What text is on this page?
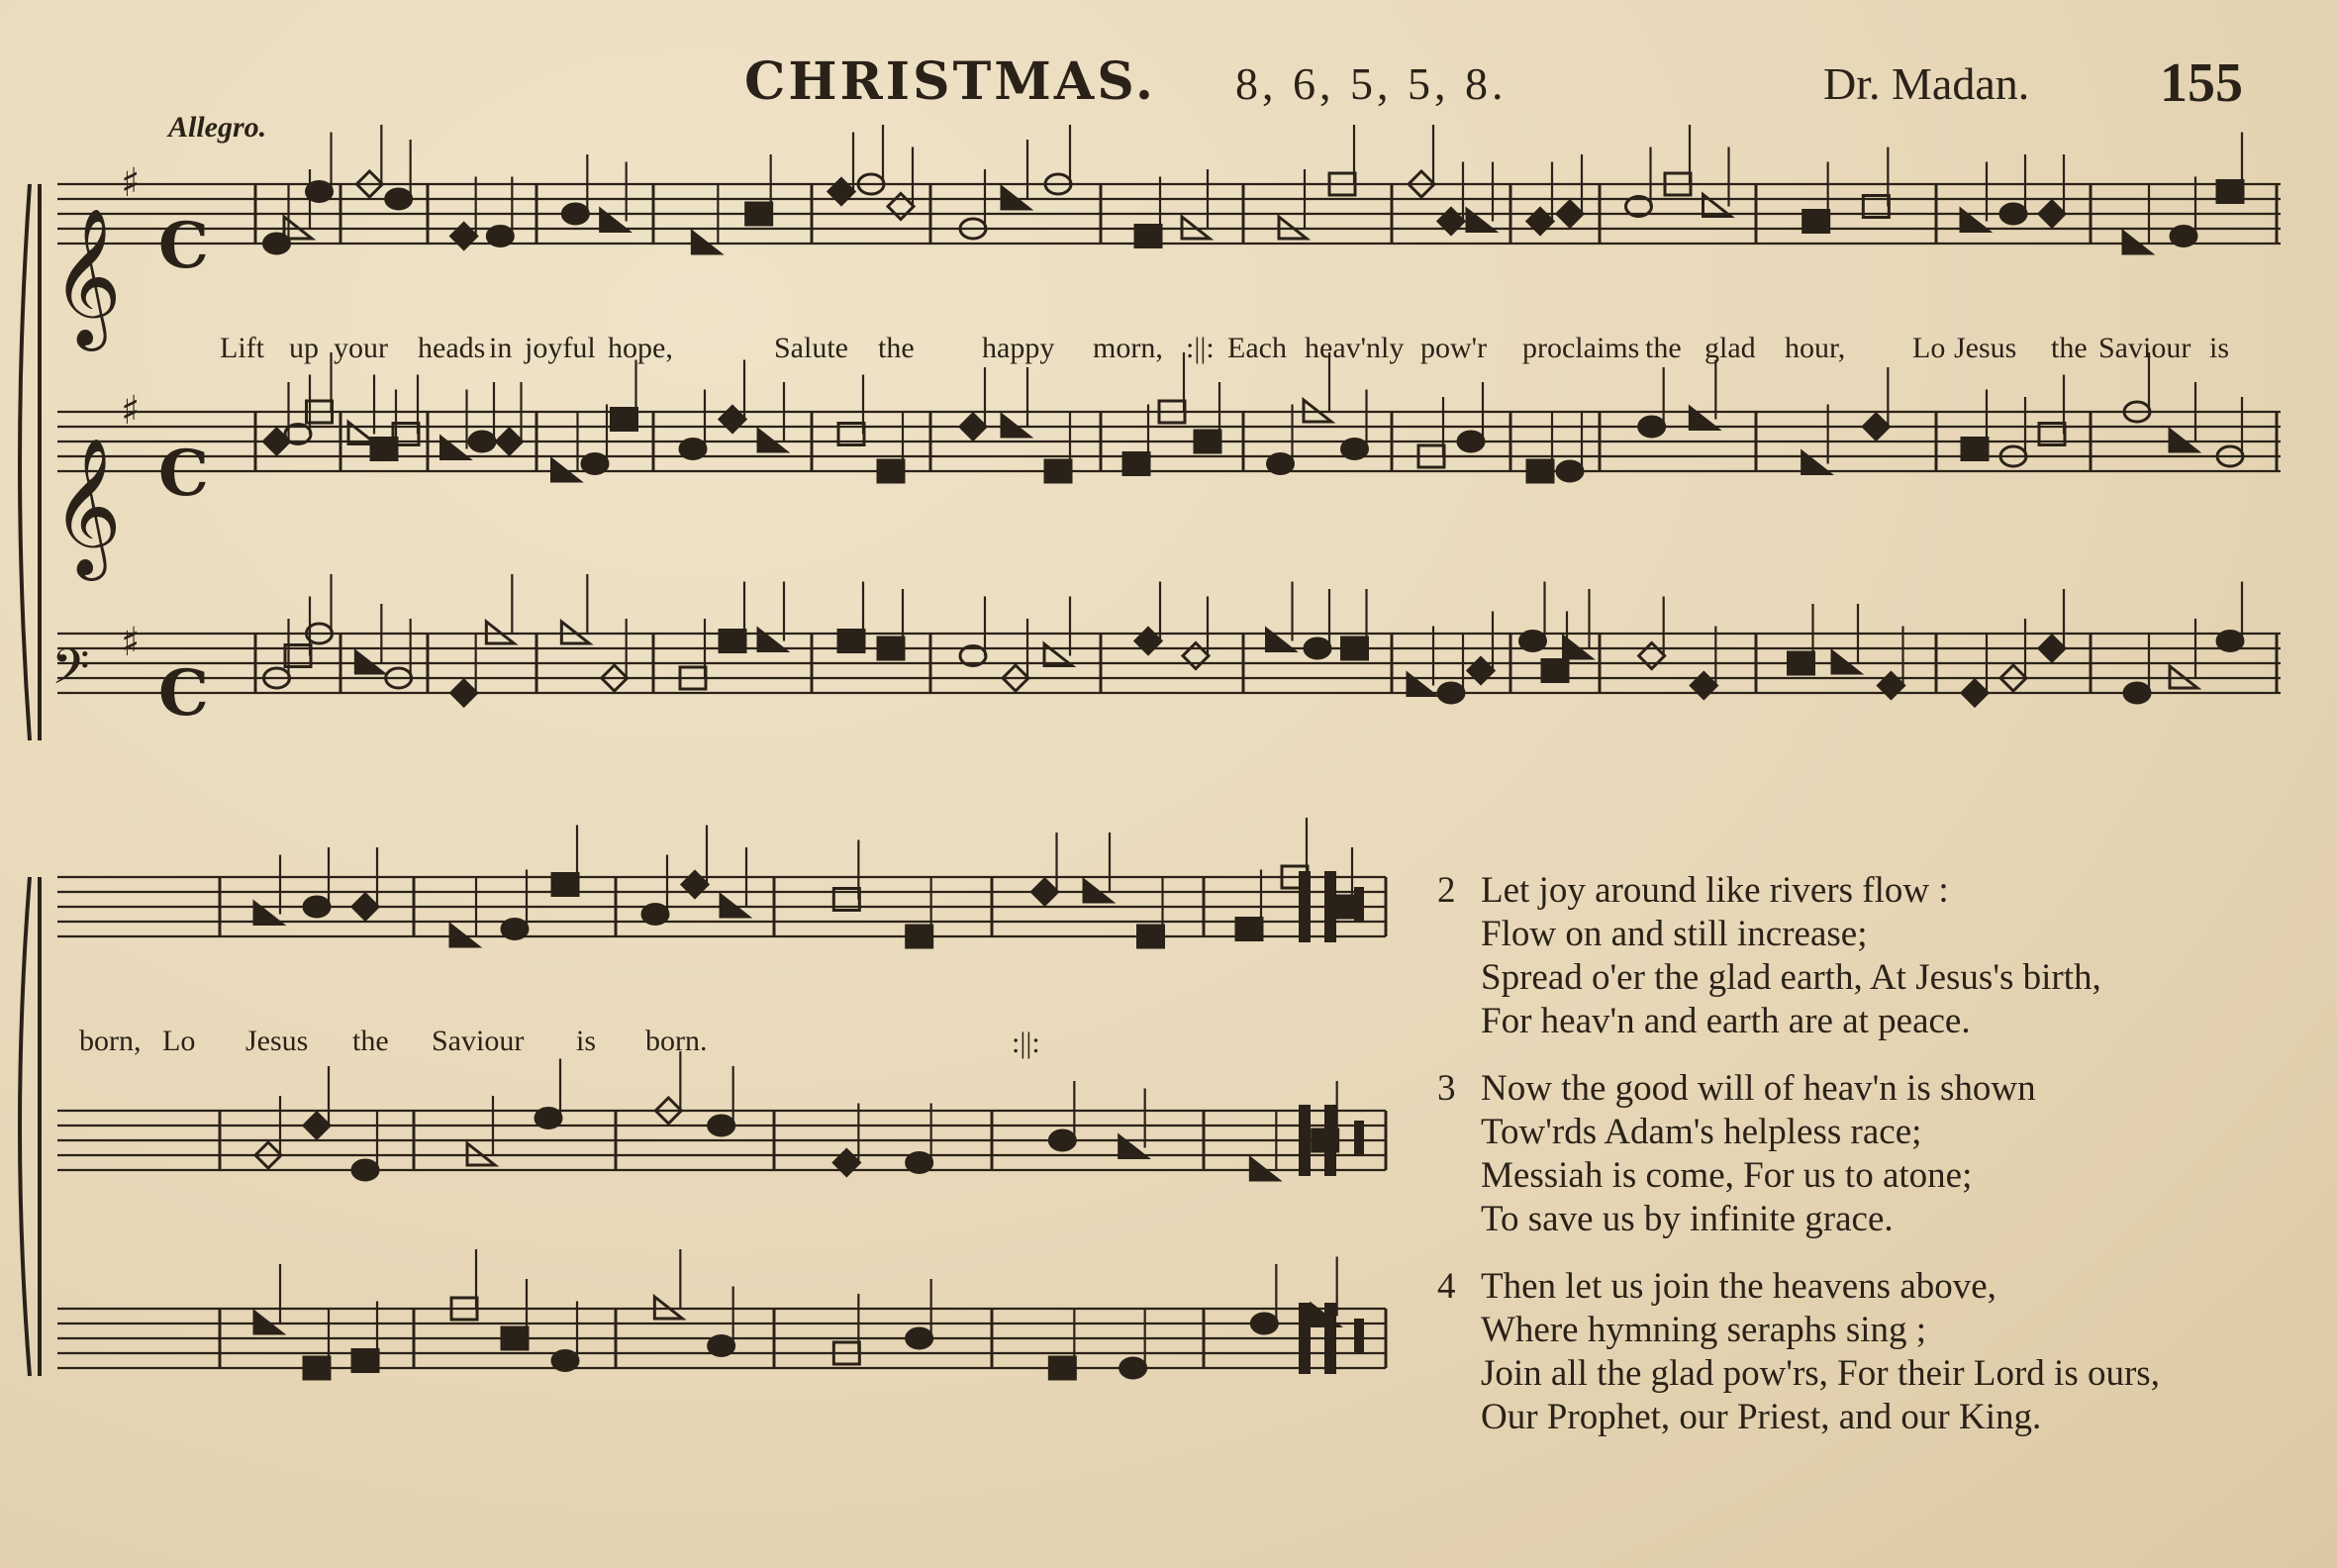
CHRISTMAS. 8, 6, 5, 5, 8.	Dr. Madan. 155
Allegro.
𝄞 C
♯
𝄞 C
♯
C
♯
𝄢
Lift up your heads in joyful hope,	Salute the happy morn, :||: Each heav'nly pow'r proclaims the glad hour, Lo Jesus the Saviour is
born, Lo Jesus the Saviour is born.	:||:
2 Let joy around like rivers flow :
Flow on and still increase;
Spread o'er the glad earth, At Jesus's birth,
For heav'n and earth are at peace.
3 Now the good will of heav'n is shown
Tow'rds Adam's helpless race;
Messiah is come, For us to atone;
To save us by infinite grace.
4 Then let us join the heavens above,
Where hymning seraphs sing ;
Join all the glad pow'rs, For their Lord is ours,
Our Prophet, our Priest, and our King.
